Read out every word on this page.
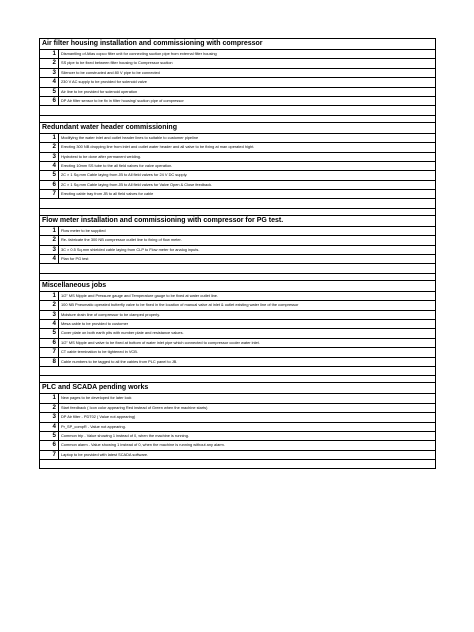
Air filter housing installation and commissioning with compressor
1	Dismantling of Atlas copco filter unit for connecting suction pipe from external filter housing
2	SS pipe to be fixed between filter housing to Compressor suction
3	Silencer to be constructed and 80 V pipe to be connected
4	230 V AC supply to be provided for solenoid valve
5	Air line to be provided for solenoid operation
6	DP Air filter sensor to be fix in filter housing/ suction pipe of compressor
Redundant water header commissioning
1	Modifying the water inlet and outlet header lines to suitable to customer pipeline
2	Erecting 300 NB dropping line from inlet and outlet water header and all valve to be fixing at man operated hight.
3	Hydrotest to be done after permanent welding.
4	Erecting 10mm SS tube to the all field valves for valve operation.
5	2C × 1 Sq.mm Cable laying from JB to All field valves for 24 V DC supply.
6	2C × 1 Sq.mm Cable laying from JB to All field valves for Valve Open & Close feedback.
7	Erecting cable tray from JB to all field valves for cable
Flow meter installation and commissioning with compressor for PG test.
1	Flow meter to be supplied
2	Re- fabricate the 300 NB compressor outlet line to fixing of flow meter.
3	3C × 0.5 Sq.mm shielded cable laying from CLP to Flow meter for analog inputs.
4	Plan for PG test
Miscellaneous jobs
1	1/2" MS Nipple and Pressure gauge and Temperature gauge to be fixed at water outlet line.
2	100 NB Pneumatic operated butterfly valve to be fixed in the location of manual valve at inlet & outlet existing water line of the compressor
3	Moisture drain line of compressor to be clamped properly.
4	Mesa cable to be provided to customer
5	Cover plate on both earth pits with number plate and resistance values.
6	1/2" MS Nipple and valve to be fixed at bottom of water inlet pipe which connected to compressor cooler water inlet.
7	CT cable termination to be tightened in VCB.
8	Cable numbers to be tagged to all the cables from PLC panel to JB.
PLC and SCADA pending works
1	New pages to be developed for later lock
2	Start feedback ( Icon color appearing Red instead of Green when the machine starts)
3	DP Air filter - PDT02 ( Value not appearing)
4	Pr_SP_compR - Value not appearing.
5	Common trip - Value showing 1 instead of 0, when the machine is running.
6	Common alarm - Value showing 1 instead of 0, when the machine is running without any alarm.
7	Laptop to be provided with latest SCADA software.
